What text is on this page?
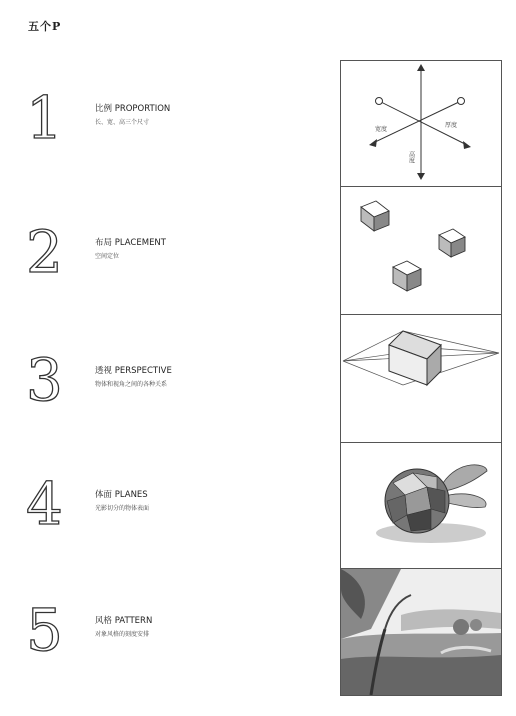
五个P
1	比例 PROPORTION
长、宽、高三个尺寸
2	布局 PLACEMENT
空间定位
3	透视 PERSPECTIVE
物体和视角之间的各种关系
4	体面 PLANES
光影切分的物体表面
5	风格 PATTERN
对象风格的刻度安排
宽度
厚度
高度
